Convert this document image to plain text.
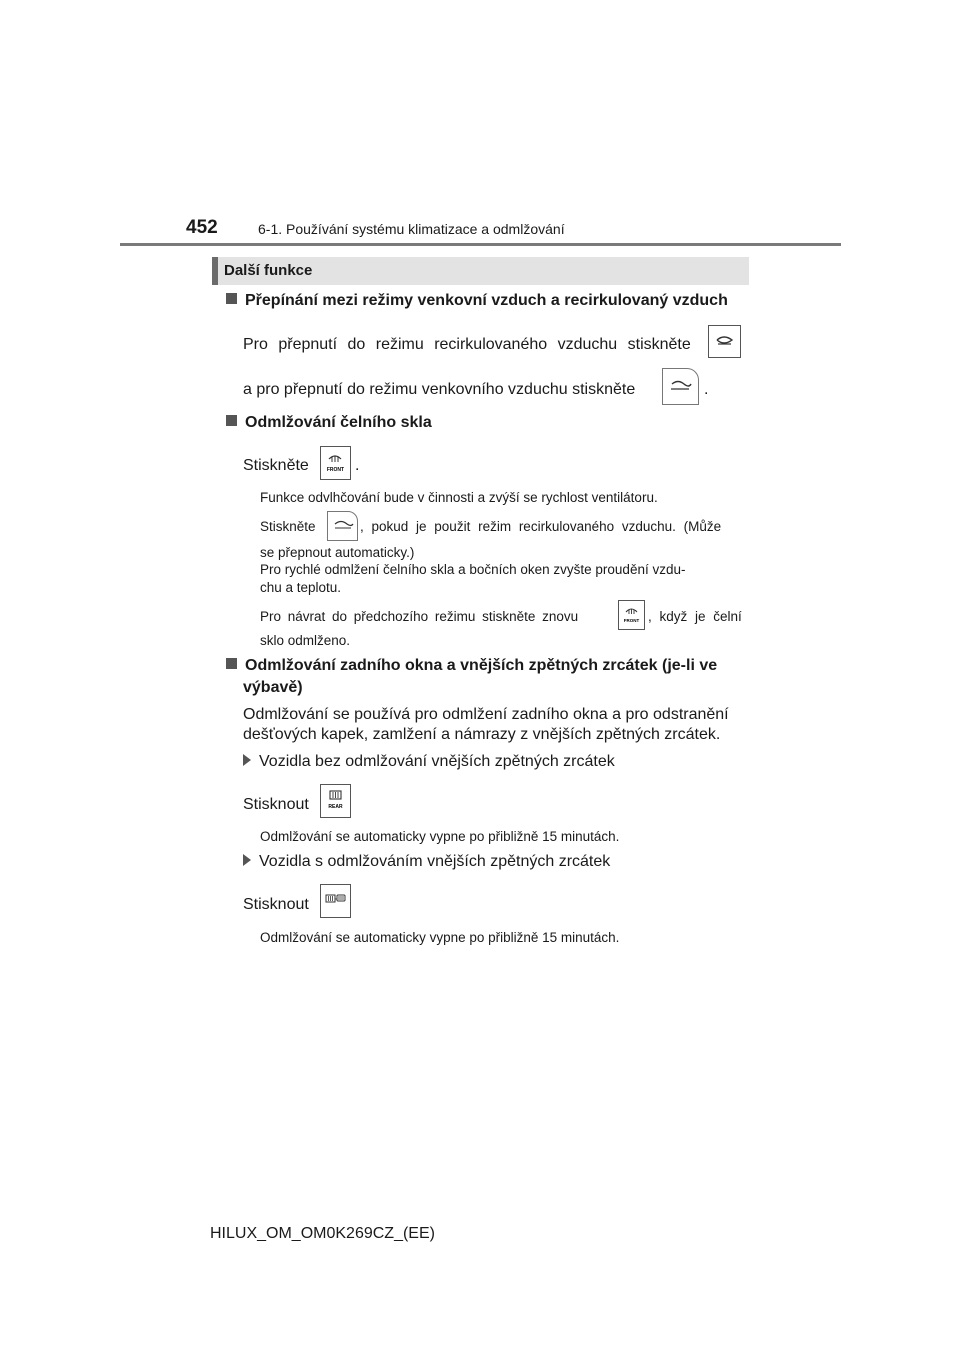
452	6-1. Používání systému klimatizace a odmlžování
Další funkce
Přepínání mezi režimy venkovní vzduch a recirkulovaný vzduch
Pro přepnutí do režimu recirkulovaného vzduchu stiskněte
a pro přepnutí do režimu venkovního vzduchu stiskněte	.
Odmlžování čelního skla
Stiskněte	FRONT .
Funkce odvlhčování bude v činnosti a zvýší se rychlost ventilátoru.
Stiskněte	, pokud je použit režim recirkulovaného vzduchu. (Může
se přepnout automaticky.)
Pro rychlé odmlžení čelního skla a bočních oken zvyšte proudění vzdu-
chu a teplotu.
Pro návrat do předchozího režimu stiskněte znovu	FRONT , když je čelní
sklo odmlženo.
Odmlžování zadního okna a vnějších zpětných zrcátek (je-li ve
výbavě)
Odmlžování se používá pro odmlžení zadního okna a pro odstranění
dešťových kapek, zamlžení a námrazy z vnějších zpětných zrcátek.
Vozidla bez odmlžování vnějších zpětných zrcátek
Stisknout	REAR
Odmlžování se automaticky vypne po přibližně 15 minutách.
Vozidla s odmlžováním vnějších zpětných zrcátek
Stisknout
Odmlžování se automaticky vypne po přibližně 15 minutách.
HILUX_OM_OM0K269CZ_(EE)
